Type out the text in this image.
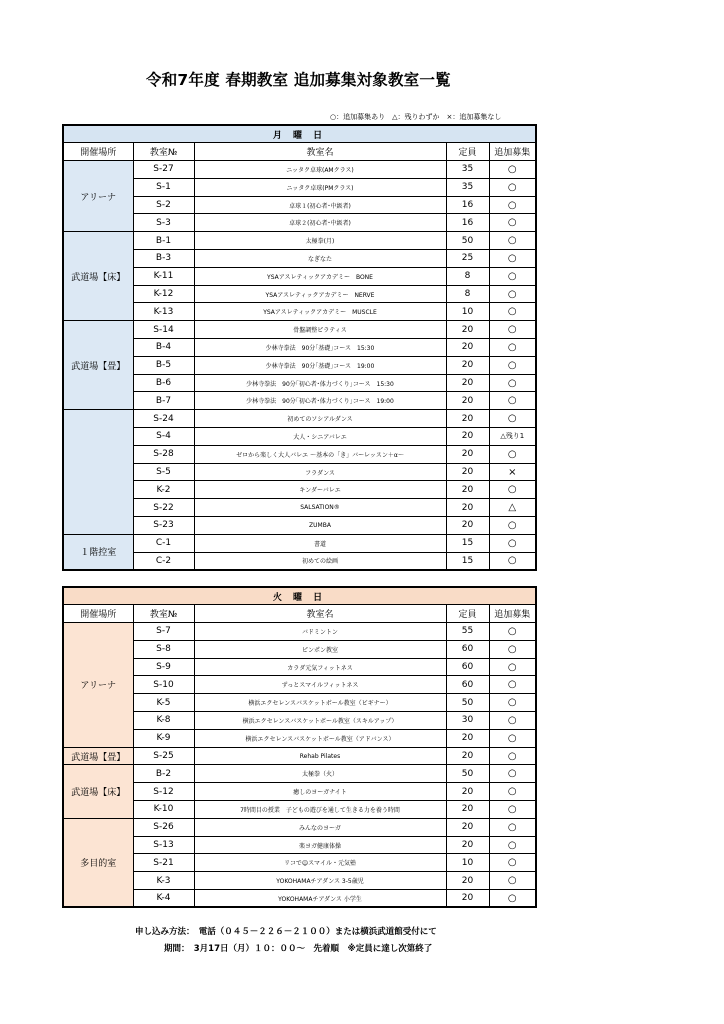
令和7年度 春期教室 追加募集対象教室一覧
○：追加募集あり　△：残りわずか　×：追加募集なし
月 曜 日				
開催場所	教室№	教室名	定員	追加募集
アリーナ	S-27	ニッタク卓球(AMクラス)	35	○
	S-1	ニッタク卓球(PMクラス)	35	○
	S-2	卓球１(初心者･中級者)	16	○
	S-3	卓球２(初心者･中級者)	16	○
武道場【床】	B-1	太極拳(月)	50	○
	B-3	なぎなた	25	○
	K-11	YSAアスレティックアカデミー　BONE	8	○
	K-12	YSAアスレティックアカデミー　NERVE	8	○
	K-13	YSAアスレティックアカデミー　MUSCLE	10	○
武道場【畳】	S-14	骨盤調整ピラティス	20	○
	B-4	少林寺拳法　90分｢基礎｣コース　15:30	20	○
	B-5	少林寺拳法　90分｢基礎｣コース　19:00	20	○
	B-6	少林寺拳法　90分｢初心者･体力づくり｣コース　15:30	20	○
	B-7	少林寺拳法　90分｢初心者･体力づくり｣コース　19:00	20	○
	S-24	初めてのソシアルダンス	20	○
	S-4	大人・シニアバレエ	20	△残り1
	S-28	ゼロから楽しく大人バレエ ～基本の「き」バーレッスン＋α～	20	○
	S-5	フラダンス	20	×
	K-2	キンダーバレエ	20	○
	S-22	SALSATION®	20	△
	S-23	ZUMBA	20	○
１階控室	C-1	書道	15	○
	C-2	初めての絵画	15	○
火 曜 日				
開催場所	教室№	教室名	定員	追加募集
アリーナ	S-7	バドミントン	55	○
	S-8	ピンポン教室	60	○
	S-9	カラダ元気フィットネス	60	○
	S-10	ずっとスマイルフィットネス	60	○
	K-5	横浜エクセレンスバスケットボール教室（ビギナー）	50	○
	K-8	横浜エクセレンスバスケットボール教室（スキルアップ）	30	○
	K-9	横浜エクセレンスバスケットボール教室（アドバンス）	20	○
武道場【畳】	S-25	Rehab Pilates	20	○
武道場【床】	B-2	太極拳（火）	50	○
	S-12	癒しのヨーガナイト	20	○
	K-10	7時間目の授業　子どもの遊びを通して生きる力を養う時間	20	○
多目的室	S-26	みんなのヨーガ	20	○
	S-13	楽ヨガ健康体操	20	○
	S-21	リコで☺スマイル・元気塾	10	○
	K-3	YOKOHAMAチアダンス 3-5歳児	20	○
	K-4	YOKOHAMAチアダンス 小学生	20	○
申し込み方法：　電話（０４５－２２６－２１００）または横浜武道館受付にて
期間：　3月17日（月）１０：００～　先着順　※定員に達し次第終了
